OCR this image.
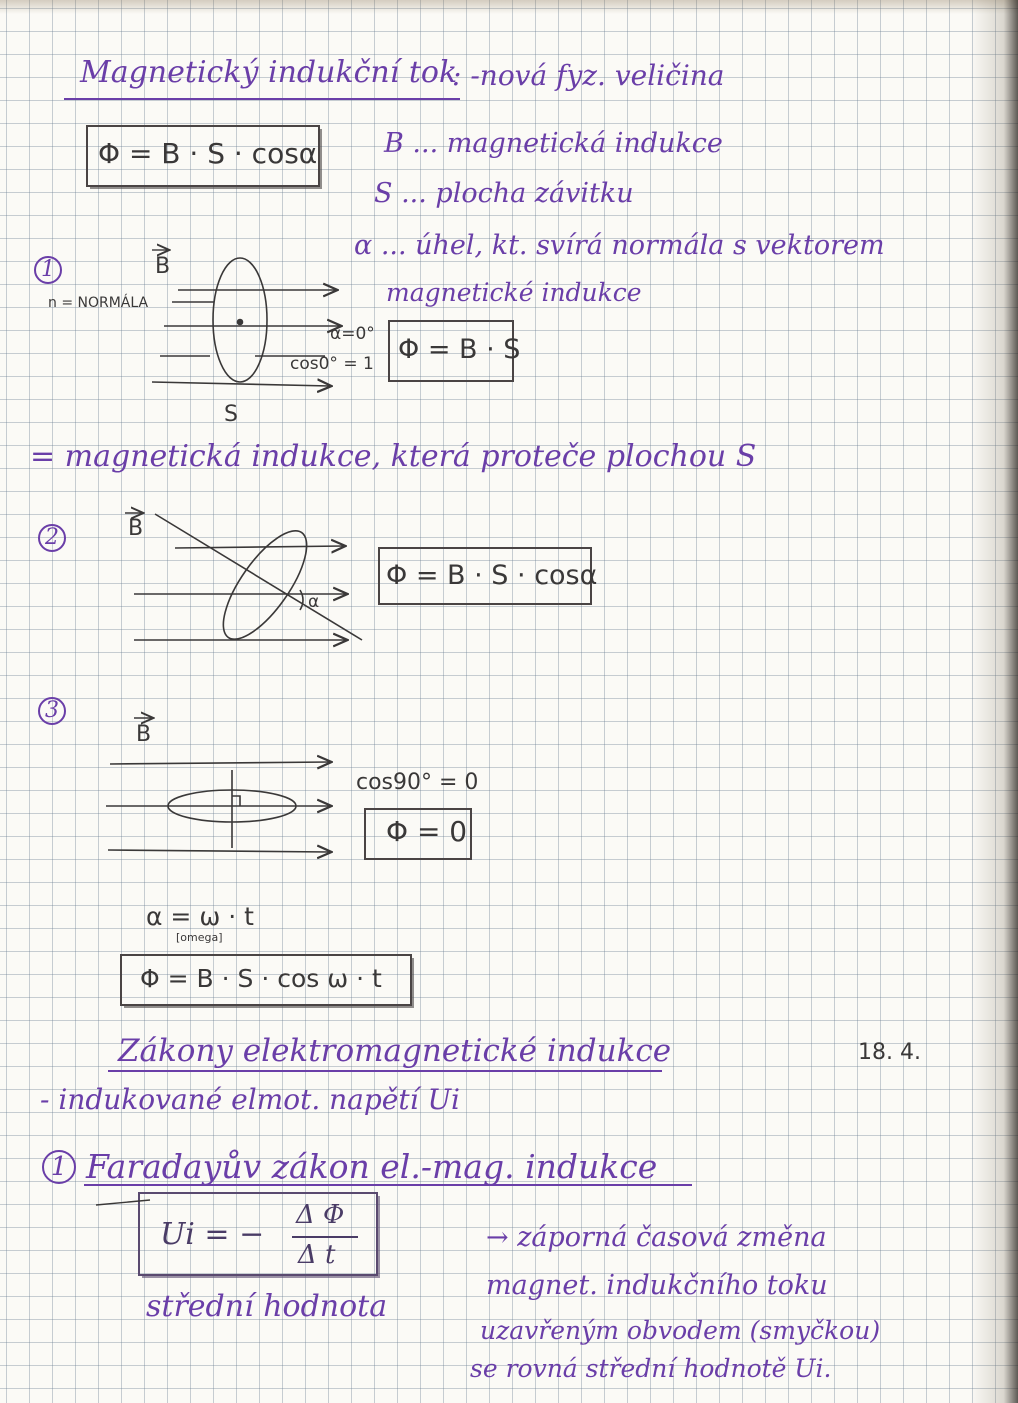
Magnetický indukční tok
: -nová fyz. veličina
Φ = B · S · cosα B ... magnetická indukce
S ... plocha závitku
α ... úhel, kt. svírá normála s vektorem
magnetické indukce
1	B
n = NORMÁLA
α=0°
cos0° = 1
S
Φ = B · S
= magnetická indukce, která proteče plochou S
2	B
α
Φ = B · S · cosα
3
B
cos90° = 0
Φ = 0
α = ω · t
[omega]
Φ = B · S · cos ω · t
Zákony elektromagnetické indukce	18. 4.
- indukované elmot. napětí Ui
1 Faradayův zákon el.-mag. indukce
Ui = −
Δ Φ
Δ t
střední hodnota
→ záporná časová změna
magnet. indukčního toku
uzavřeným obvodem (smyčkou)
se rovná střední hodnotě Ui.
